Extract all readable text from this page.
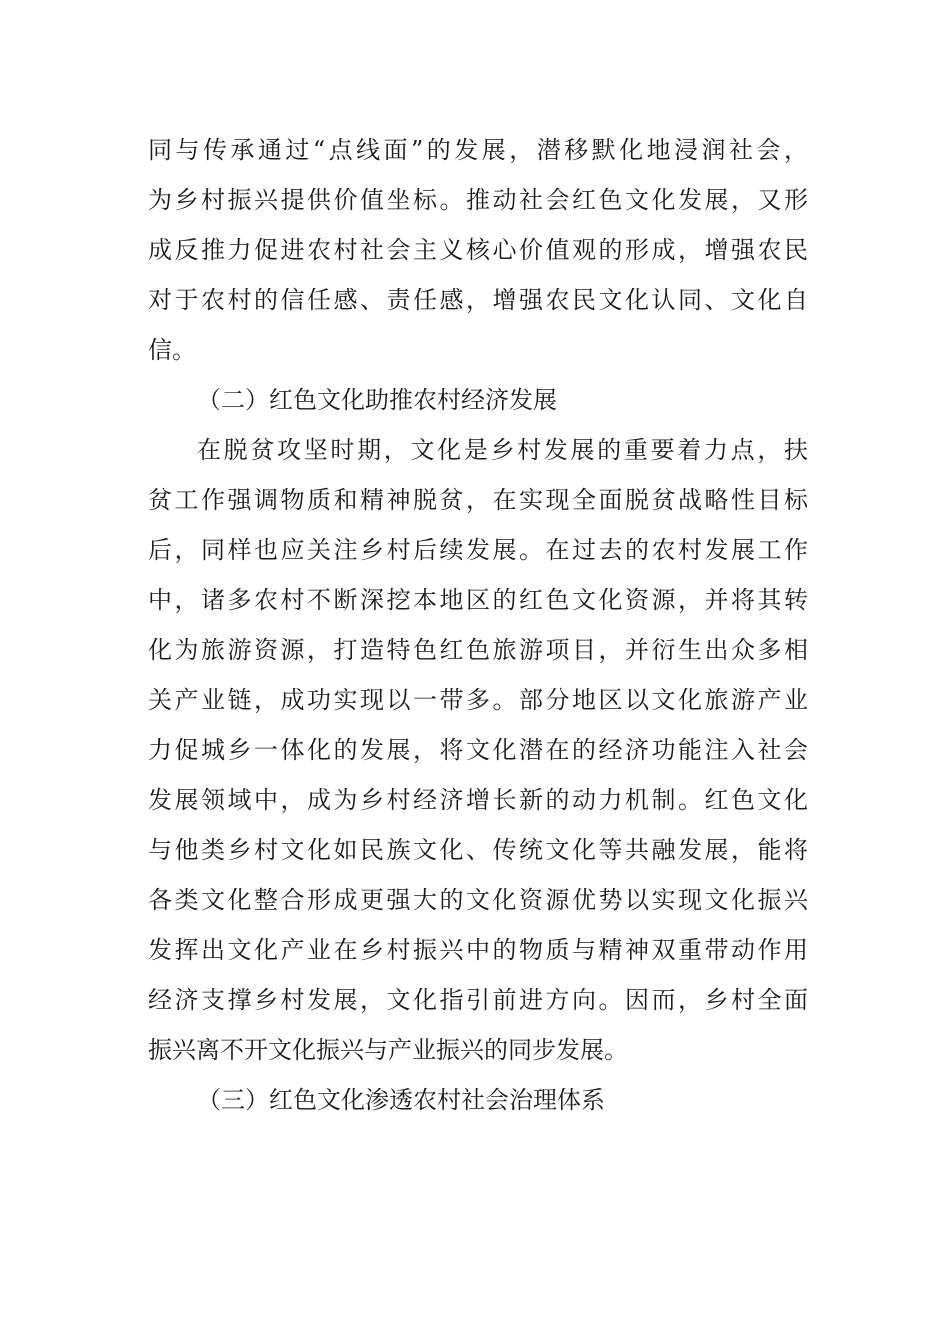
同与传承通过“点线面”的发展，潜移默化地浸润社会，
为乡村振兴提供价值坐标。推动社会红色文化发展，又形
成反推力促进农村社会主义核心价值观的形成，增强农民
对于农村的信任感、责任感，增强农民文化认同、文化自
信。
（二）红色文化助推农村经济发展
在脱贫攻坚时期，文化是乡村发展的重要着力点，扶
贫工作强调物质和精神脱贫，在实现全面脱贫战略性目标
后，同样也应关注乡村后续发展。在过去的农村发展工作
中，诸多农村不断深挖本地区的红色文化资源，并将其转
化为旅游资源，打造特色红色旅游项目，并衍生出众多相
关产业链，成功实现以一带多。部分地区以文化旅游产业
力促城乡一体化的发展，将文化潜在的经济功能注入社会
发展领域中，成为乡村经济增长新的动力机制。红色文化
与他类乡村文化如民族文化、传统文化等共融发展，能将
各类文化整合形成更强大的文化资源优势以实现文化振兴
发挥出文化产业在乡村振兴中的物质与精神双重带动作用
经济支撑乡村发展，文化指引前进方向。因而，乡村全面
振兴离不开文化振兴与产业振兴的同步发展。
（三）红色文化渗透农村社会治理体系
